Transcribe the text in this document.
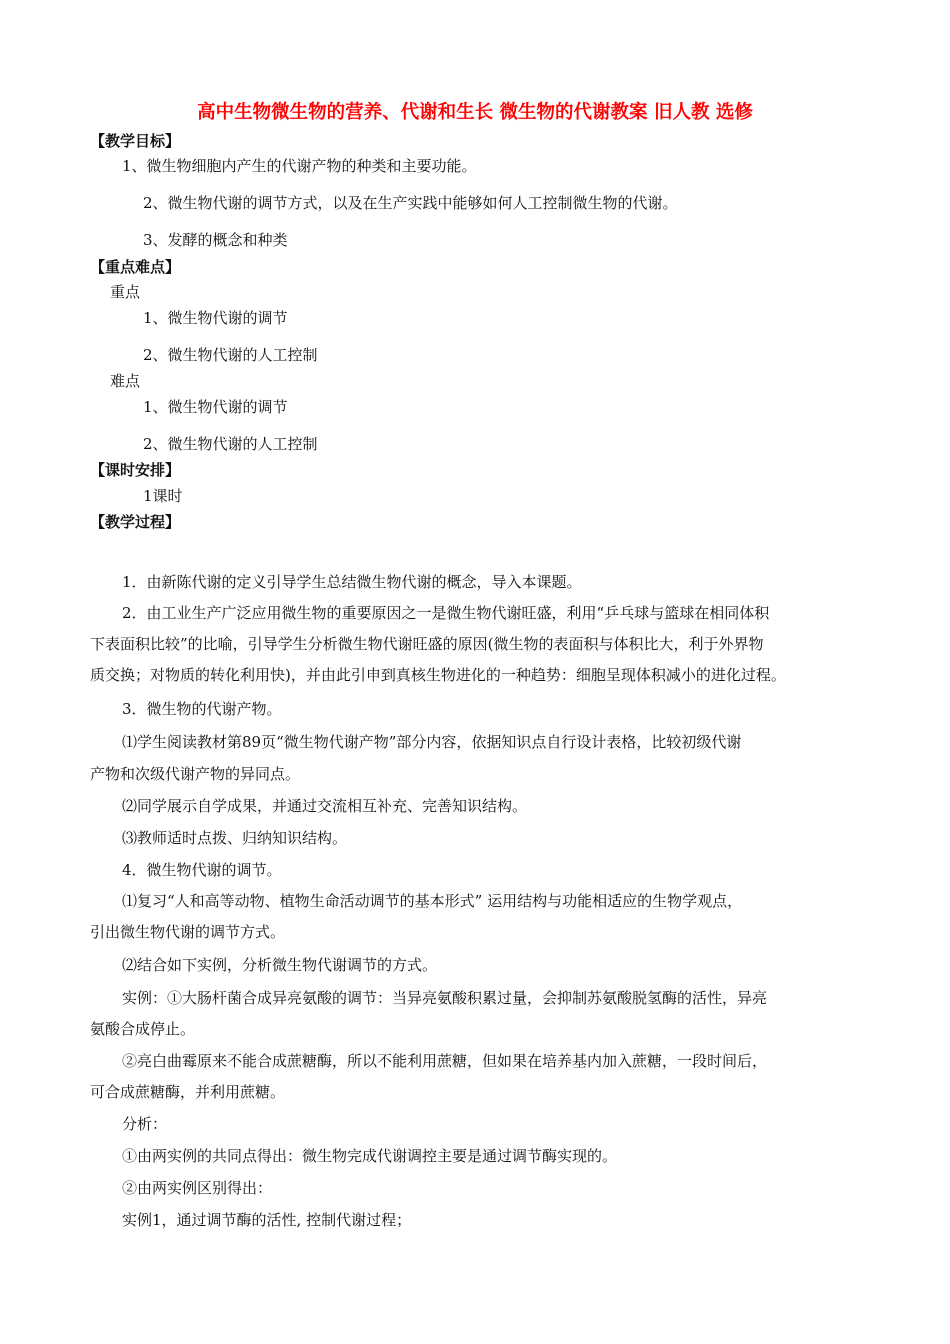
高中生物微生物的营养、代谢和生长 微生物的代谢教案 旧人教 选修
【教学目标】
1、微生物细胞内产生的代谢产物的种类和主要功能。
2、微生物代谢的调节方式，以及在生产实践中能够如何人工控制微生物的代谢。
3、发酵的概念和种类
【重点难点】
重点
1、微生物代谢的调节
2、微生物代谢的人工控制
难点
1、微生物代谢的调节
2、微生物代谢的人工控制
【课时安排】
1课时
【教学过程】
1．由新陈代谢的定义引导学生总结微生物代谢的概念，导入本课题。
2．由工业生产广泛应用微生物的重要原因之一是微生物代谢旺盛，利用“乒乓球与篮球在相同体积
下表面积比较”的比喻，引导学生分析微生物代谢旺盛的原因(微生物的表面积与体积比大，利于外界物
质交换；对物质的转化利用快)，并由此引申到真核生物进化的一种趋势：细胞呈现体积减小的进化过程。
3．微生物的代谢产物。
⑴学生阅读教材第89页“微生物代谢产物”部分内容，依据知识点自行设计表格，比较初级代谢
产物和次级代谢产物的异同点。
⑵同学展示自学成果，并通过交流相互补充、完善知识结构。
⑶教师适时点拨、归纳知识结构。
4．微生物代谢的调节。
⑴复习“人和高等动物、植物生命活动调节的基本形式” 运用结构与功能相适应的生物学观点，
引出微生物代谢的调节方式。
⑵结合如下实例，分析微生物代谢调节的方式。
实例：①大肠杆菌合成异亮氨酸的调节：当异亮氨酸积累过量，会抑制苏氨酸脱氢酶的活性，异亮
氨酸合成停止。
②亮白曲霉原来不能合成蔗糖酶，所以不能利用蔗糖，但如果在培养基内加入蔗糖，一段时间后，
可合成蔗糖酶，并利用蔗糖。
分析：
①由两实例的共同点得出：微生物完成代谢调控主要是通过调节酶实现的。
②由两实例区别得出：
实例1，通过调节酶的活性, 控制代谢过程；
